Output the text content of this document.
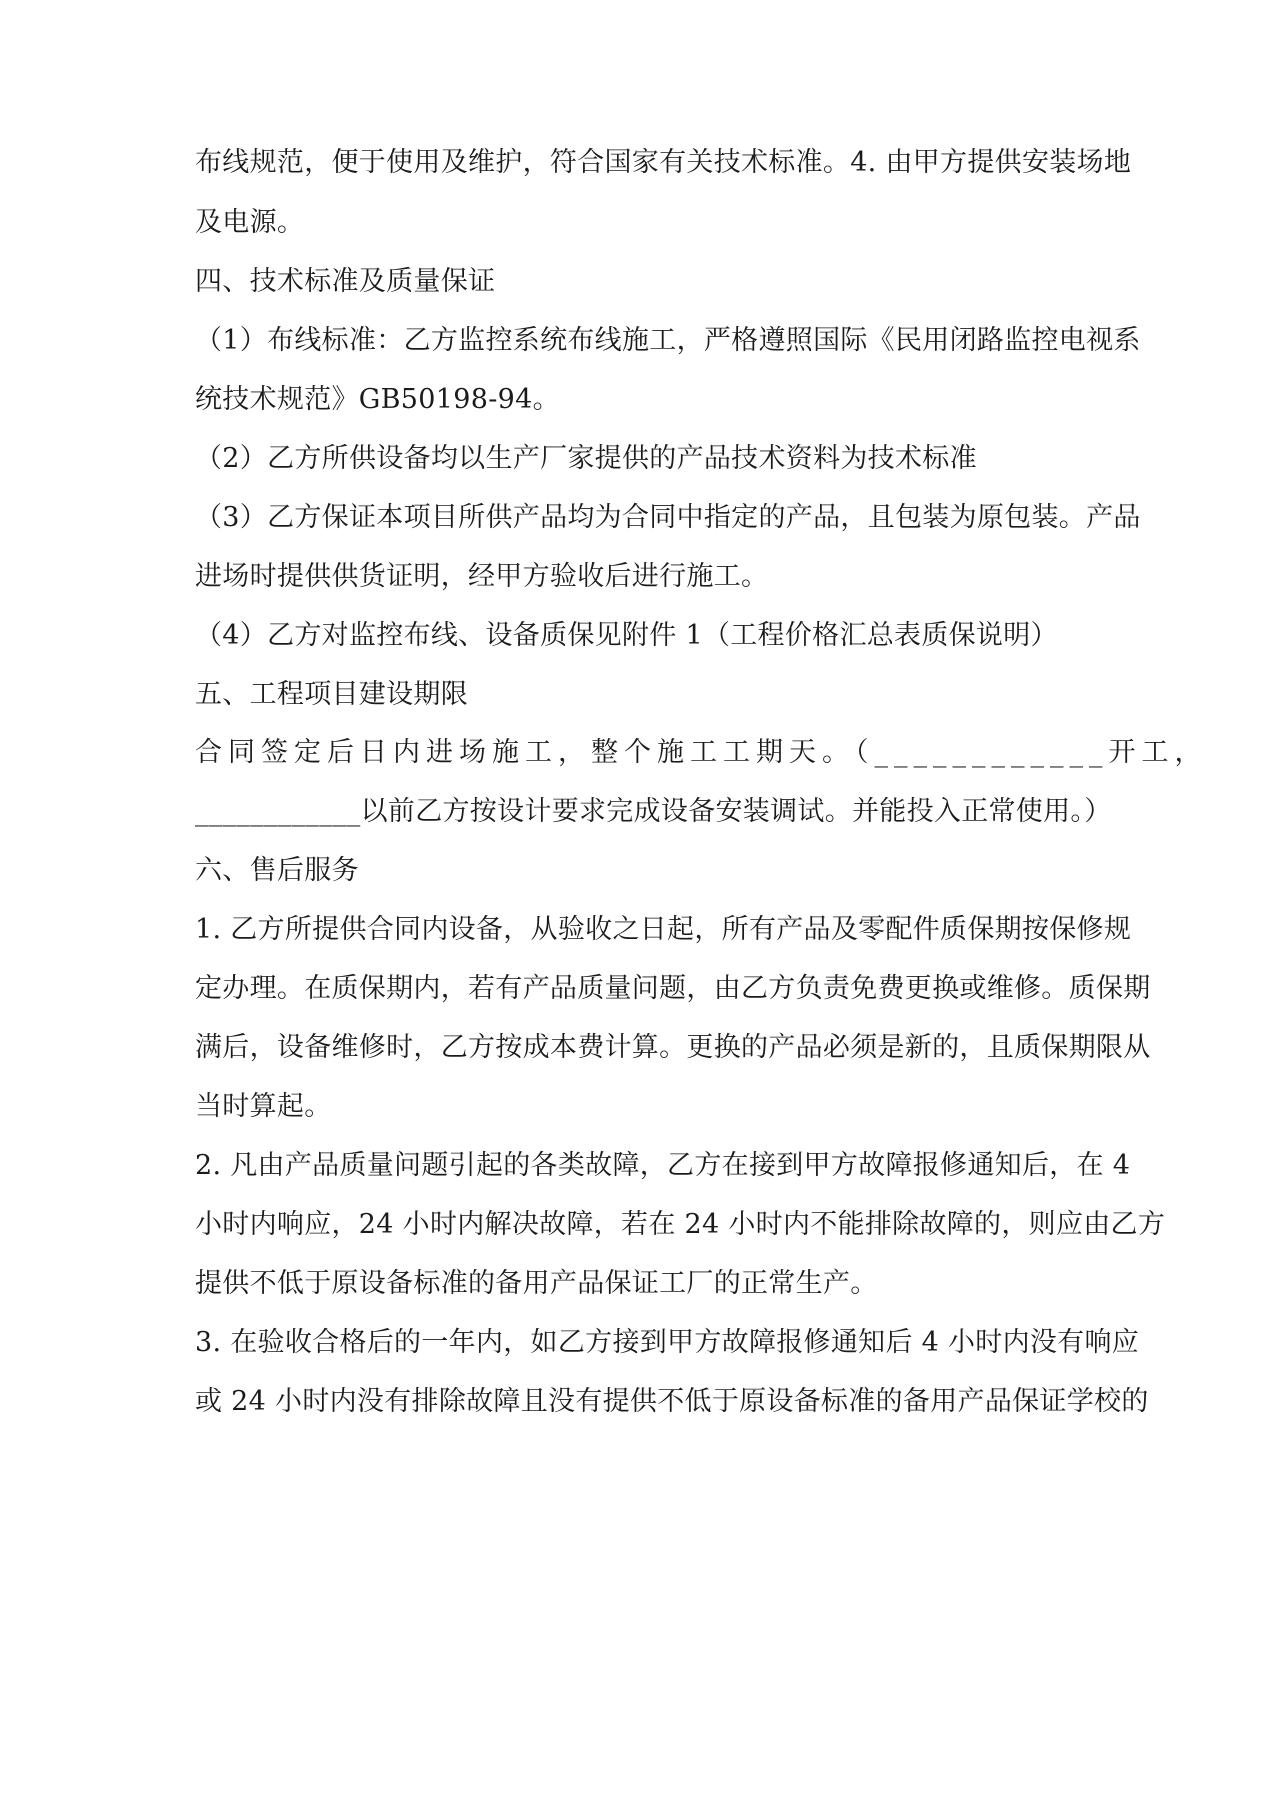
布线规范，便于使用及维护，符合国家有关技术标准。4. 由甲方提供安装场地
及电源。
四、技术标准及质量保证
（1）布线标准：乙方监控系统布线施工，严格遵照国际《民用闭路监控电视系
统技术规范》GB50198-94。
（2）乙方所供设备均以生产厂家提供的产品技术资料为技术标准
（3）乙方保证本项目所供产品均为合同中指定的产品，且包装为原包装。产品
进场时提供供货证明，经甲方验收后进行施工。
（4）乙方对监控布线、设备质保见附件 1（工程价格汇总表质保说明）
五、工程项目建设期限
合同签定后日内进场施工，整个施工工期天。（____________开工，
____________以前乙方按设计要求完成设备安装调试。并能投入正常使用。）
六、售后服务
1. 乙方所提供合同内设备，从验收之日起，所有产品及零配件质保期按保修规
定办理。在质保期内，若有产品质量问题，由乙方负责免费更换或维修。质保期
满后，设备维修时，乙方按成本费计算。更换的产品必须是新的，且质保期限从
当时算起。
2. 凡由产品质量问题引起的各类故障，乙方在接到甲方故障报修通知后，在 4
小时内响应，24 小时内解决故障，若在 24 小时内不能排除故障的，则应由乙方
提供不低于原设备标准的备用产品保证工厂的正常生产。
3. 在验收合格后的一年内，如乙方接到甲方故障报修通知后 4 小时内没有响应
或 24 小时内没有排除故障且没有提供不低于原设备标准的备用产品保证学校的
